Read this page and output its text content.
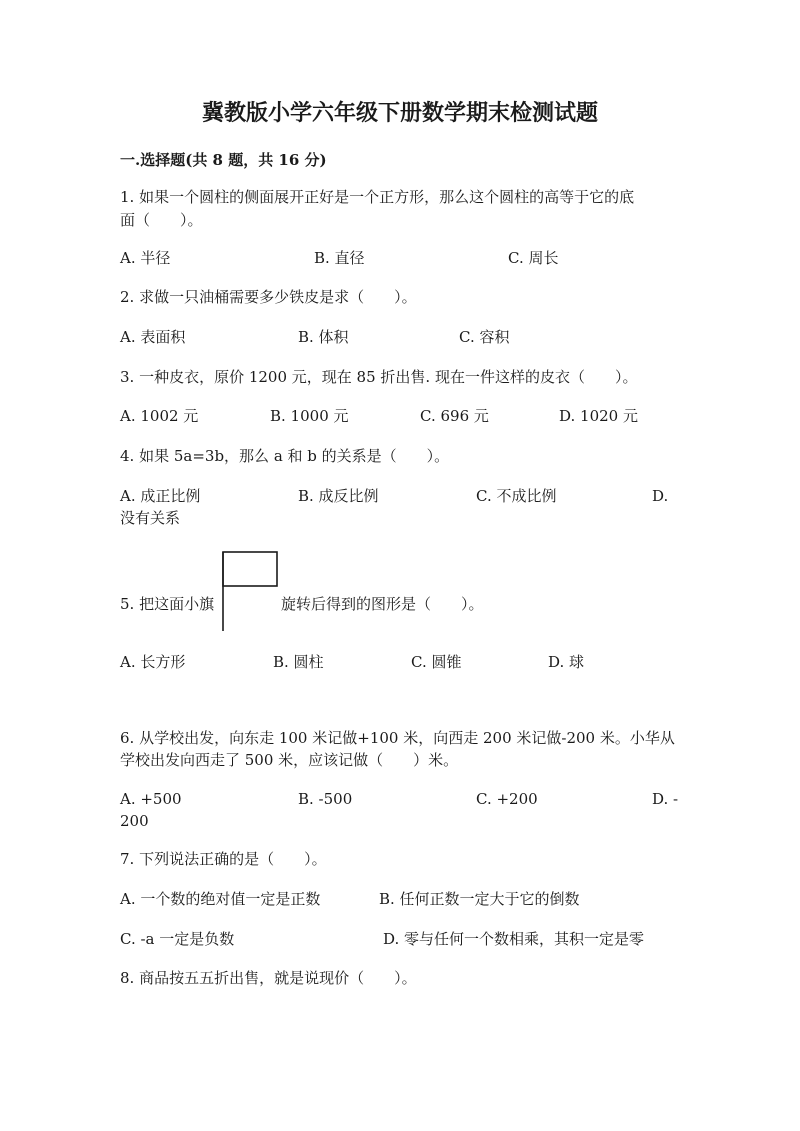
冀教版小学六年级下册数学期末检测试题
一.选择题(共 8 题，共 16 分)
1. 如果一个圆柱的侧面展开正好是一个正方形，那么这个圆柱的高等于它的底
面（　　）。
A. 半径	B. 直径	C. 周长
2. 求做一只油桶需要多少铁皮是求（　　）。
A. 表面积	B. 体积	C. 容积
3. 一种皮衣，原价 1200 元，现在 85 折出售. 现在一件这样的皮衣（　　）。
A. 1002 元	B. 1000 元	C. 696 元	D. 1020 元
4. 如果 5a=3b，那么 a 和 b 的关系是（　　）。
A. 成正比例	B. 成反比例	C. 不成比例	D.
没有关系
5. 把这面小旗	旋转后得到的图形是（　　）。
A. 长方形	B. 圆柱	C. 圆锥	D. 球
6. 从学校出发，向东走 100 米记做+100 米，向西走 200 米记做-200 米。小华从
学校出发向西走了 500 米，应该记做（　　）米。
A. +500	B. -500	C. +200	D. -
200
7. 下列说法正确的是（　　）。
A. 一个数的绝对值一定是正数	B. 任何正数一定大于它的倒数
C. -a 一定是负数	D. 零与任何一个数相乘，其积一定是零
8. 商品按五五折出售，就是说现价（　　）。
